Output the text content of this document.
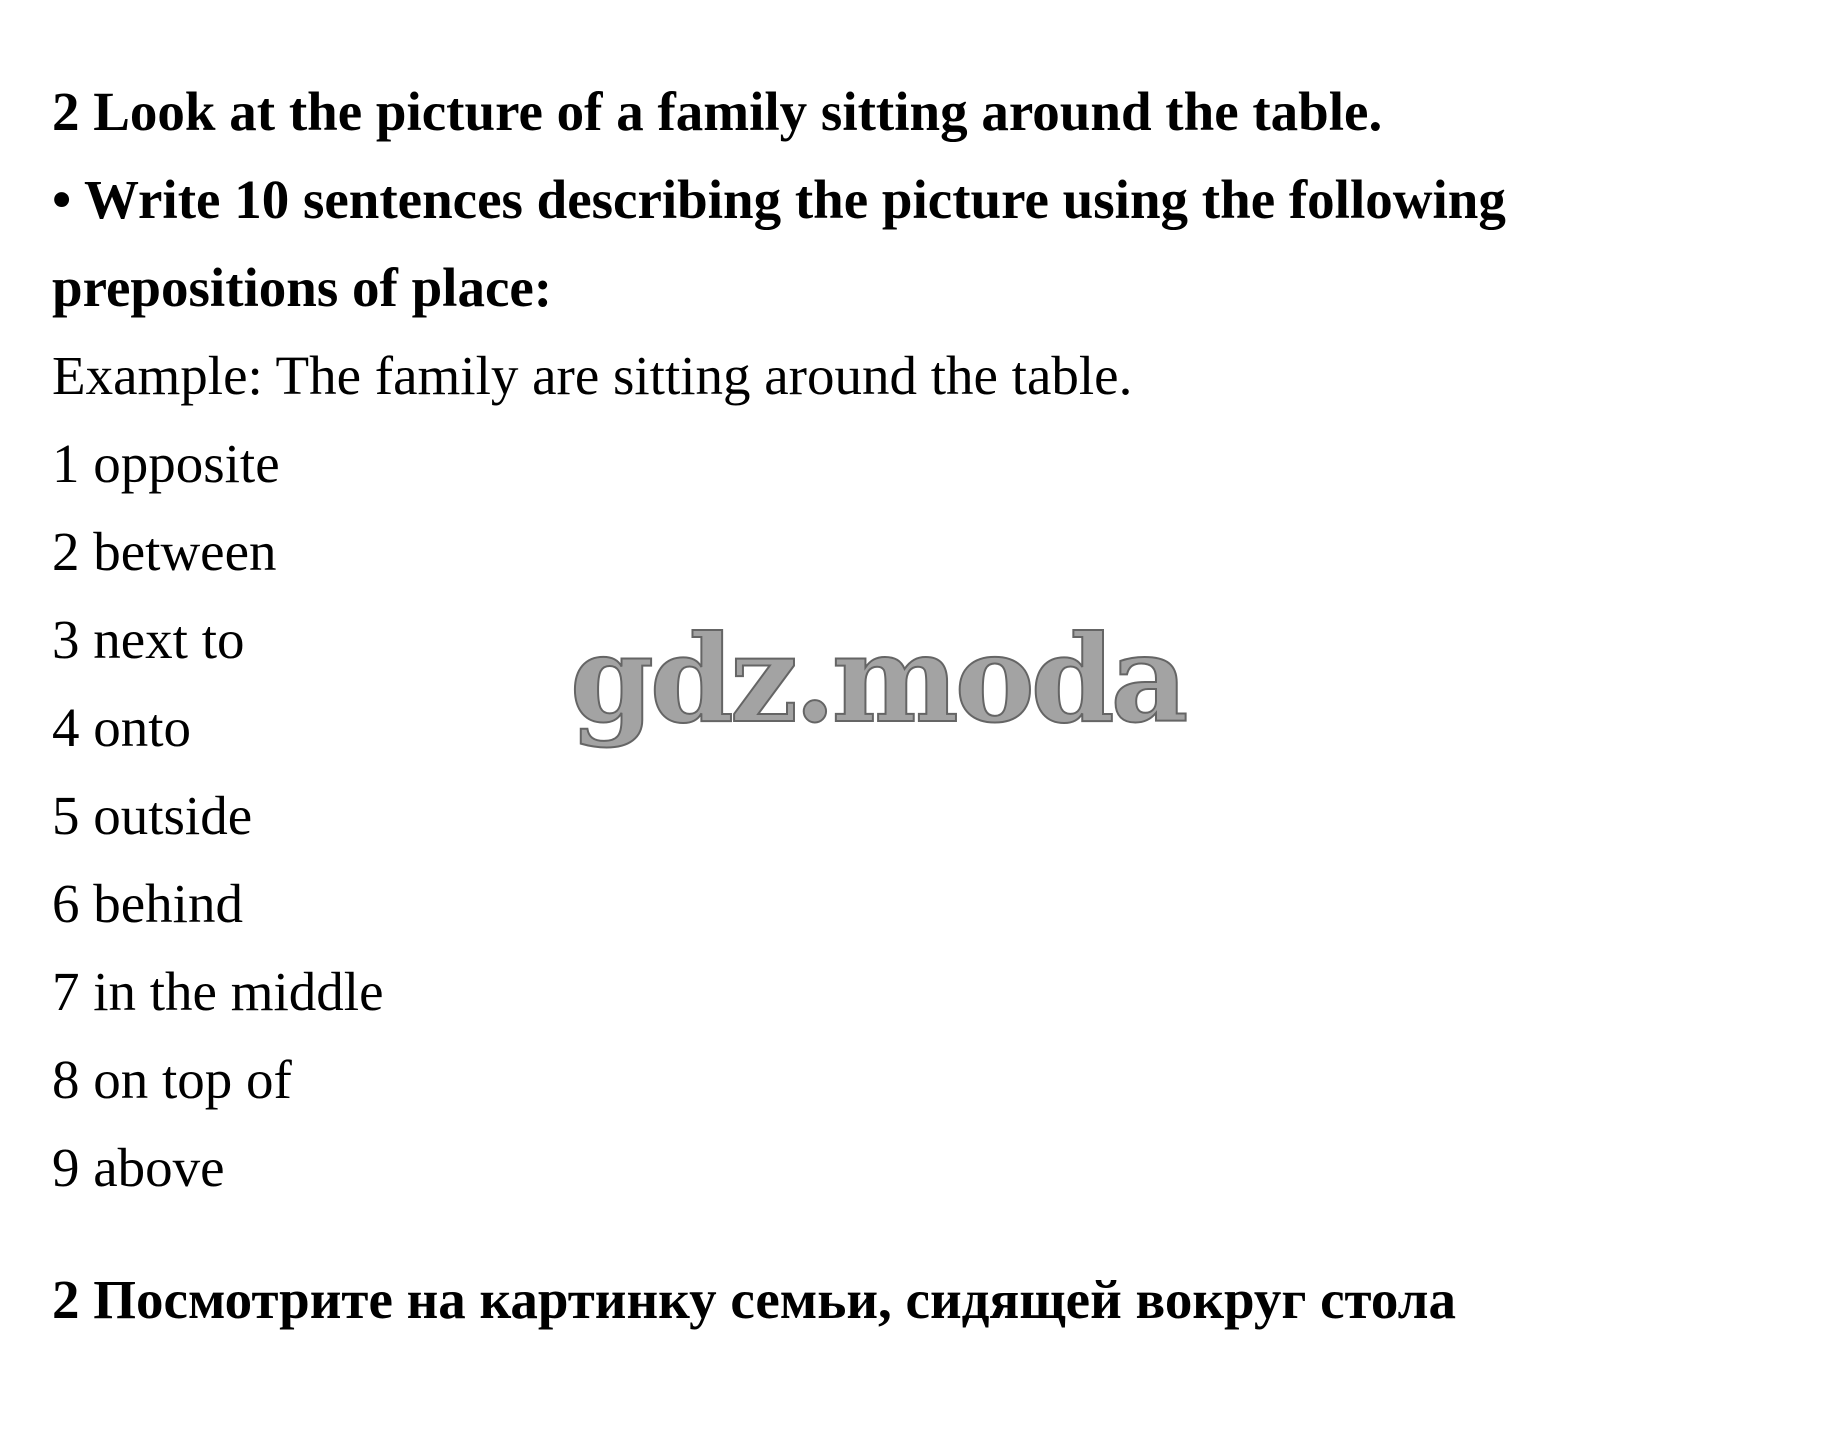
2 Look at the picture of a family sitting around the table.
• Write 10 sentences describing the picture using the following
prepositions of place:
Example: The family are sitting around the table.
1 opposite
2 between
3 next to
4 onto
5 outside
6 behind
7 in the middle
8 on top of
9 above
2 Посмотрите на картинку семьи, сидящей вокруг стола
gdz.moda
